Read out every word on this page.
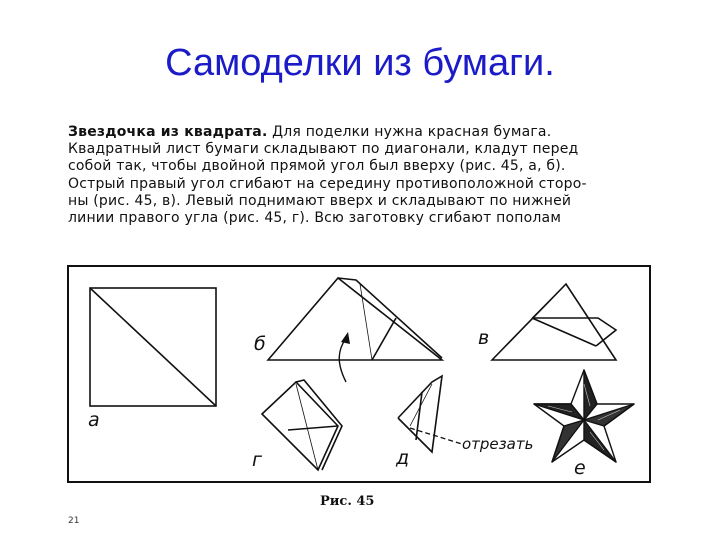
Самоделки из бумаги.
Звездочка из квадрата. Для поделки нужна красная бумага.
Квадратный лист бумаги складывают по диагонали, кладут перед
собой так, чтобы двойной прямой угол был вверху (рис. 45, а, б).
Острый правый угол сгибают на середину противоположной сторо-
ны (рис. 45, в). Левый поднимают вверх и складывают по нижней
линии правого угла (рис. 45, г). Всю заготовку сгибают пополам
а
б	в
г	д
отрезать
е
Рис. 45
21
